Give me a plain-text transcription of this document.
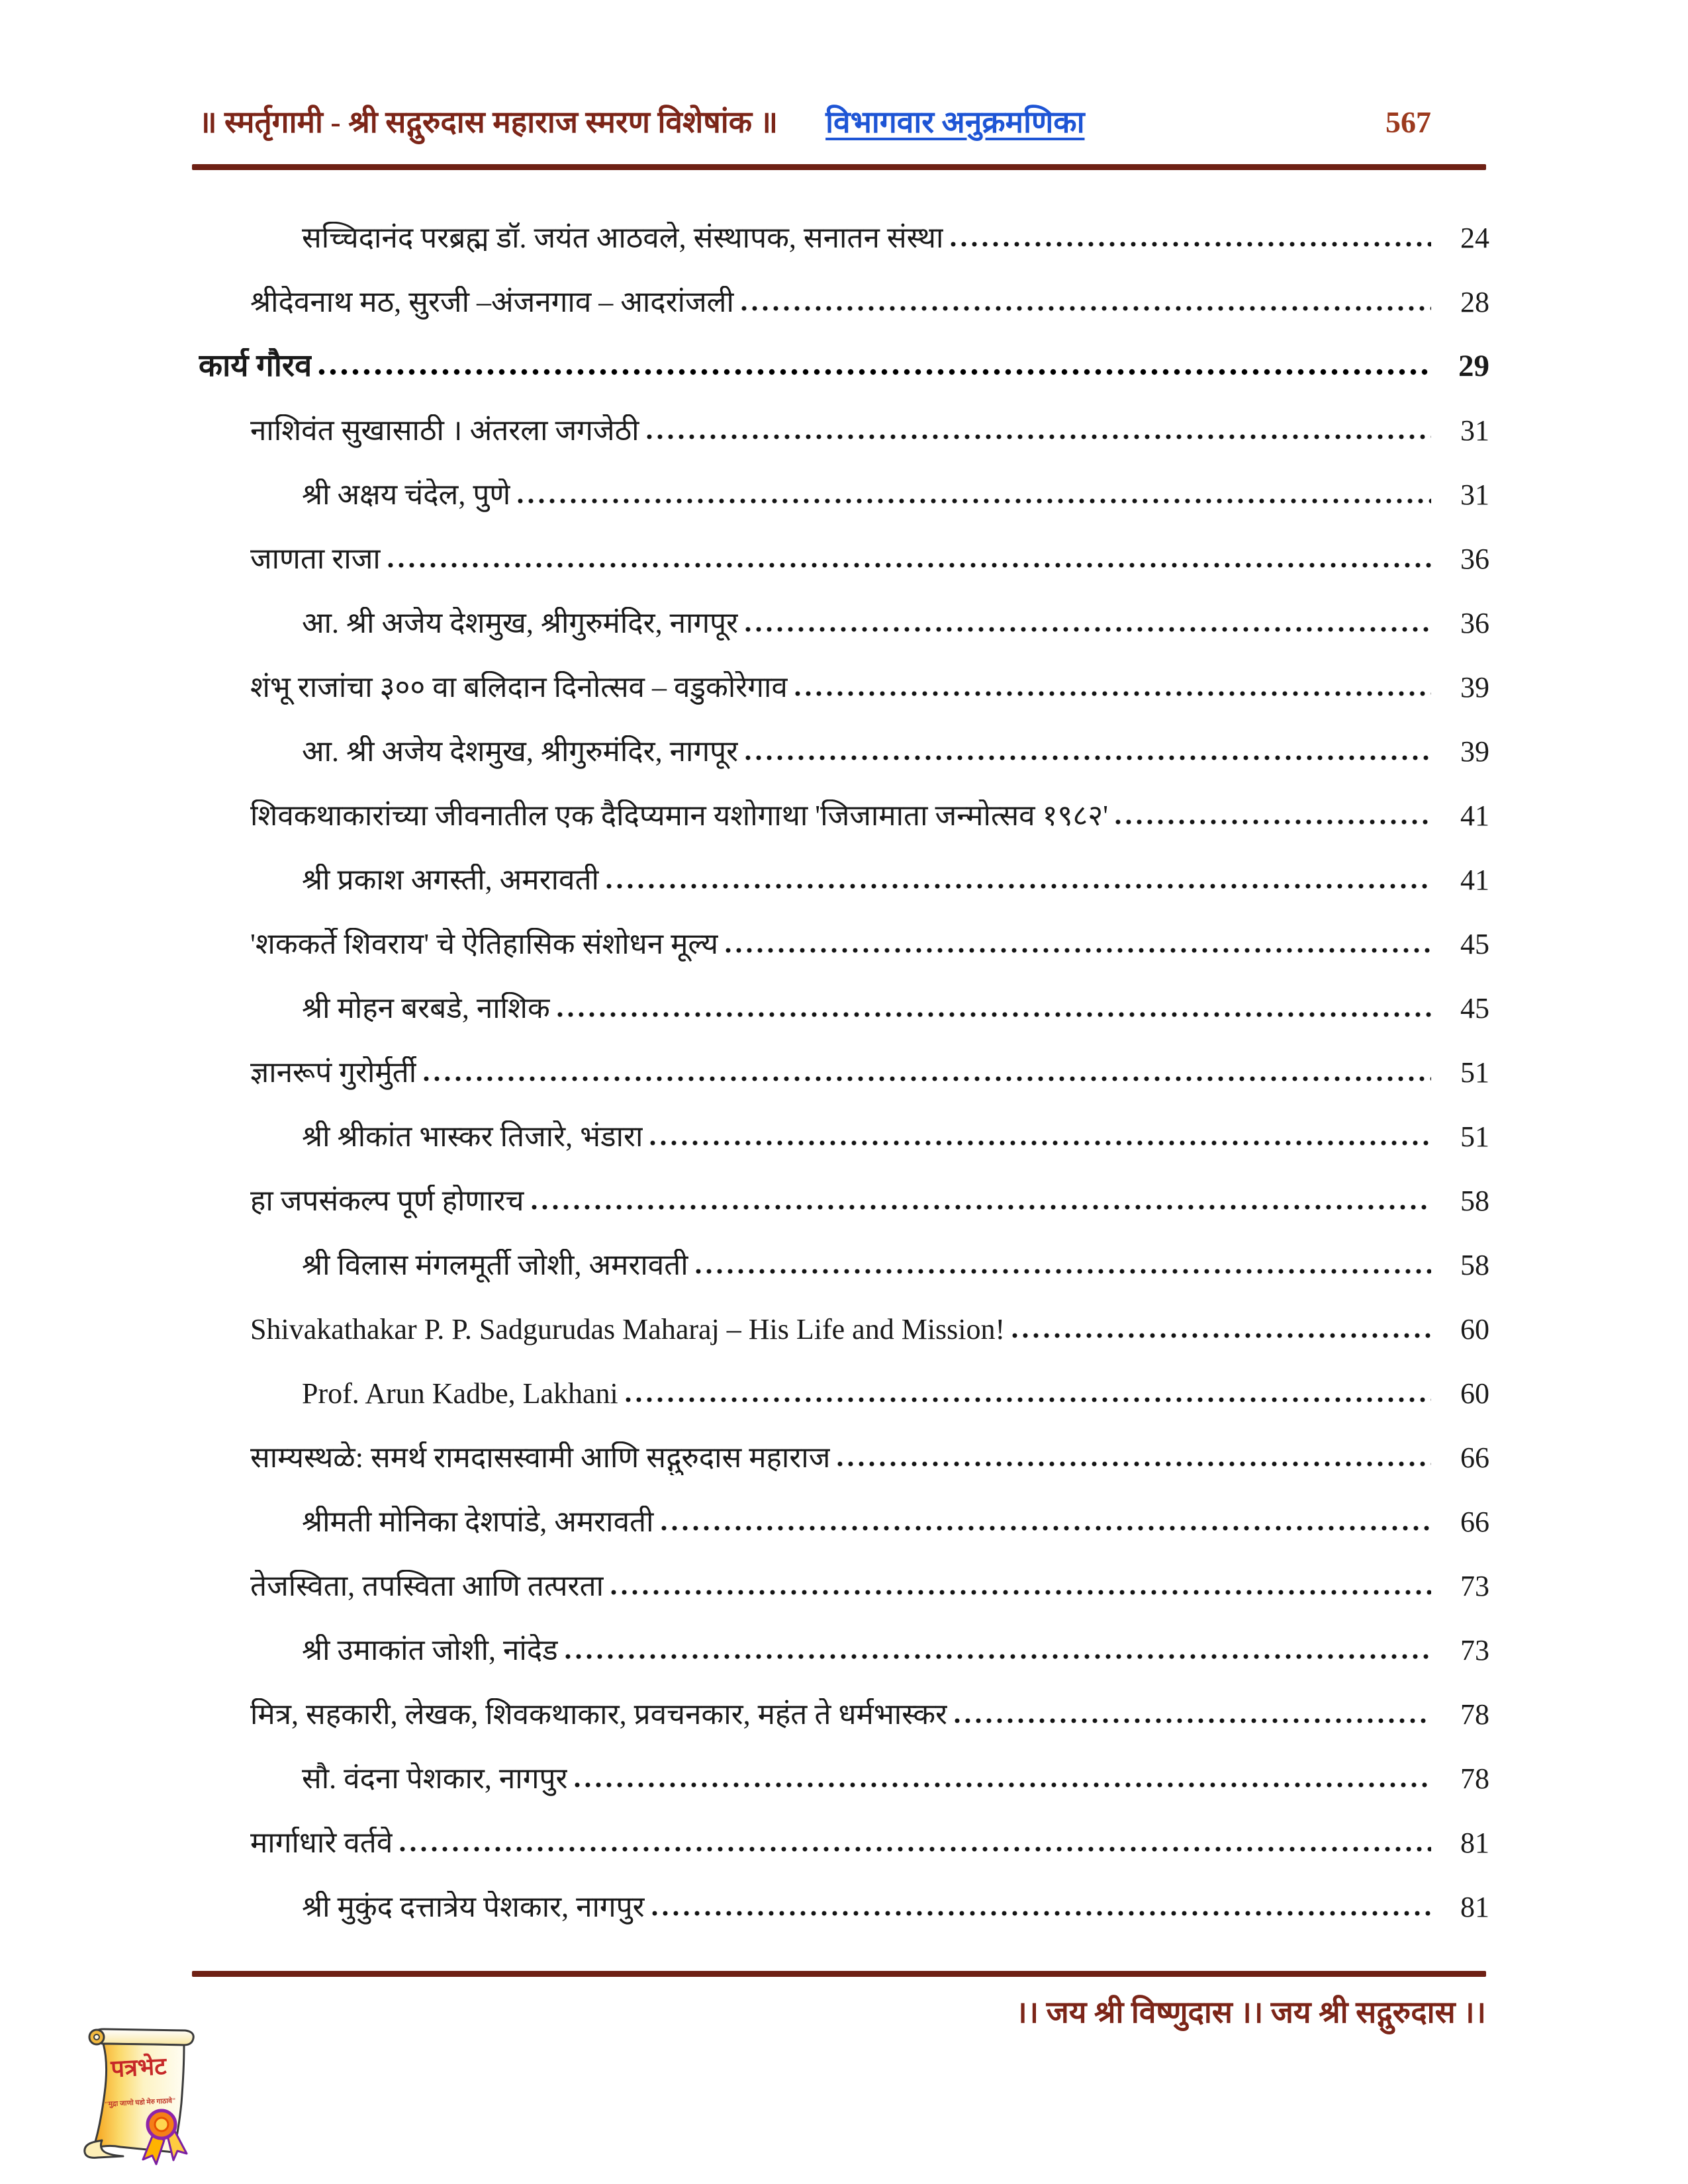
॥ स्मर्तृगामी - श्री सद्गुरुदास महाराज स्मरण विशेषांक ॥ विभागवार अनुक्रमणिका	567
सच्चिदानंद परब्रह्म डॉ. जयंत आठवले, संस्थापक, सनातन संस्था	24
श्रीदेवनाथ मठ, सुरजी –अंजनगाव – आदरांजली	28
कार्य गौरव	29
नाशिवंत सुखासाठी । अंतरला जगजेठी	31
श्री अक्षय चंदेल, पुणे	31
जाणता राजा	36
आ. श्री अजेय देशमुख, श्रीगुरुमंदिर, नागपूर	36
शंभू राजांचा ३०० वा बलिदान दिनोत्सव – वडुकोरेगाव	39
आ. श्री अजेय देशमुख, श्रीगुरुमंदिर, नागपूर	39
शिवकथाकारांच्या जीवनातील एक दैदिप्यमान यशोगाथा 'जिजामाता जन्मोत्सव १९८२'	41
श्री प्रकाश अगस्ती, अमरावती	41
'शककर्ते शिवराय' चे ऐतिहासिक संशोधन मूल्य	45
श्री मोहन बरबडे, नाशिक	45
ज्ञानरूपं गुरोर्मुर्ती	51
श्री श्रीकांत भास्कर तिजारे, भंडारा	51
हा जपसंकल्प पूर्ण होणारच	58
श्री विलास मंगलमूर्ती जोशी, अमरावती	58
Shivakathakar P. P. Sadgurudas Maharaj – His Life and Mission!	60
Prof. Arun Kadbe, Lakhani	60
साम्यस्थळे: समर्थ रामदासस्वामी आणि सद्गुरुदास महाराज	66
श्रीमती मोनिका देशपांडे, अमरावती	66
तेजस्विता, तपस्विता आणि तत्परता	73
श्री उमाकांत जोशी, नांदेड	73
मित्र, सहकारी, लेखक, शिवकथाकार, प्रवचनकार, महंत ते धर्मभास्कर	78
सौ. वंदना पेशकार, नागपुर	78
मार्गाधारे वर्तवे	81
श्री मुकुंद दत्तात्रेय पेशकार, नागपुर	81
।। जय श्री विष्णुदास ।। जय श्री सद्गुरुदास ।।
पत्रभेट
"मुद्रा जाणो घडो मेरु गाठावे"
